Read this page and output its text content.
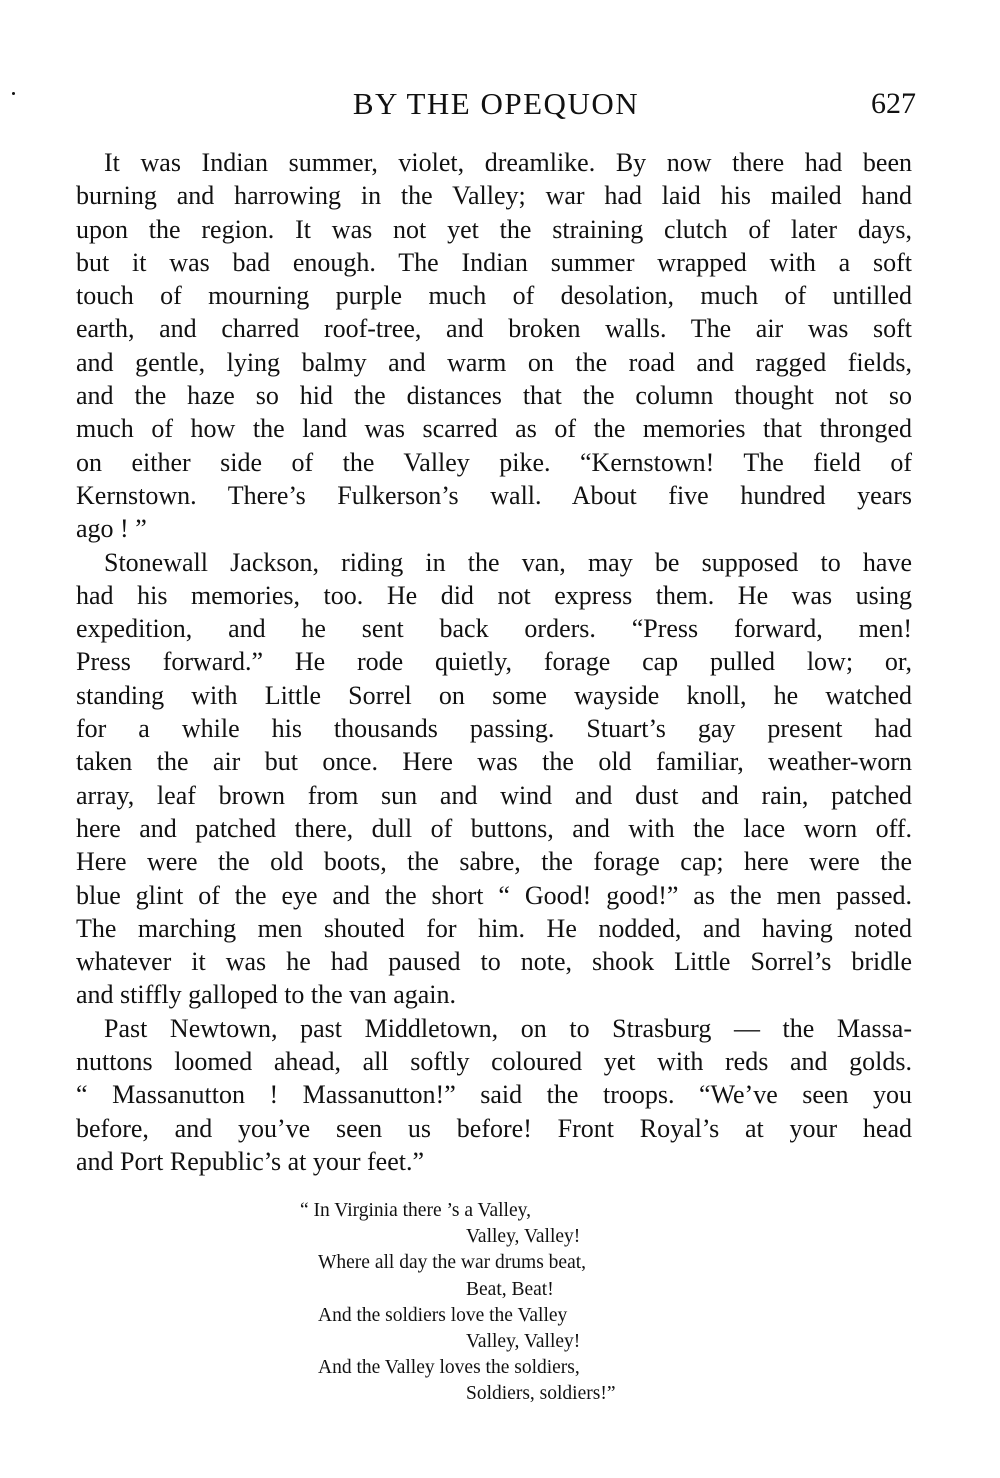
BY THE OPEQUON	627
It was Indian summer, violet, dreamlike. By now there had been
burning and harrowing in the Valley; war had laid his mailed hand
upon the region. It was not yet the straining clutch of later days,
but it was bad enough. The Indian summer wrapped with a soft
touch of mourning purple much of desolation, much of untilled
earth, and charred roof-tree, and broken walls. The air was soft
and gentle, lying balmy and warm on the road and ragged fields,
and the haze so hid the distances that the column thought not so
much of how the land was scarred as of the memories that thronged
on either side of the Valley pike. “Kernstown! The field of
Kernstown. There’s Fulkerson’s wall. About five hundred years
ago ! ”
Stonewall Jackson, riding in the van, may be supposed to have
had his memories, too. He did not express them. He was using
expedition, and he sent back orders. “Press forward, men!
Press forward.” He rode quietly, forage cap pulled low; or,
standing with Little Sorrel on some wayside knoll, he watched
for a while his thousands passing. Stuart’s gay present had
taken the air but once. Here was the old familiar, weather-worn
array, leaf brown from sun and wind and dust and rain, patched
here and patched there, dull of buttons, and with the lace worn off.
Here were the old boots, the sabre, the forage cap; here were the
blue glint of the eye and the short “ Good! good!” as the men passed.
The marching men shouted for him. He nodded, and having noted
whatever it was he had paused to note, shook Little Sorrel’s bridle
and stiffly galloped to the van again.
Past Newtown, past Middletown, on to Strasburg — the Massa-
nuttons loomed ahead, all softly coloured yet with reds and golds.
“ Massanutton ! Massanutton!” said the troops. “We’ve seen you
before, and you’ve seen us before! Front Royal’s at your head
and Port Republic’s at your feet.”
“ In Virginia there ’s a Valley,
Valley, Valley!
Where all day the war drums beat,
Beat, Beat!
And the soldiers love the Valley
Valley, Valley!
And the Valley loves the soldiers,
Soldiers, soldiers!”
